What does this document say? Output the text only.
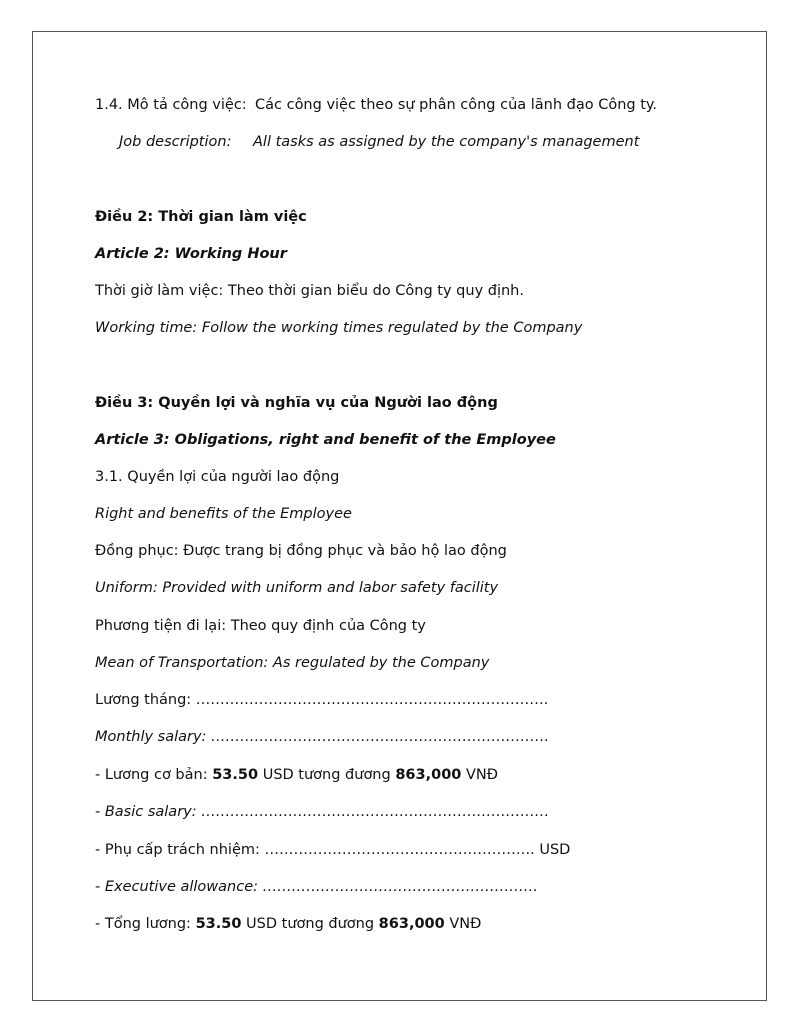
1.4. Mô tả công việc: Các công việc theo sự phân công của lãnh đạo Công ty.
Job description: All tasks as assigned by the company's management
Điều 2: Thời gian làm việc
Article 2: Working Hour
Thời giờ làm việc: Theo thời gian biểu do Công ty quy định.
Working time: Follow the working times regulated by the Company
Điều 3: Quyền lợi và nghĩa vụ của Người lao động
Article 3: Obligations, right and benefit of the Employee
3.1. Quyền lợi của người lao động
Right and benefits of the Employee
Đồng phục: Được trang bị đồng phục và bảo hộ lao động
Uniform: Provided with uniform and labor safety facility
Phương tiện đi lại: Theo quy định của Công ty
Mean of Transportation: As regulated by the Company
Lương tháng: ……………………………………………………………….
Monthly salary: …………………………………………………………….
- Lương cơ bản: 53.50 USD tương đương 863,000 VNĐ
- Basic salary: ………………………………………………………………
- Phụ cấp trách nhiệm: ……………………………………………….. USD
- Executive allowance: …………………………………………………
- Tổng lương: 53.50 USD tương đương 863,000 VNĐ
